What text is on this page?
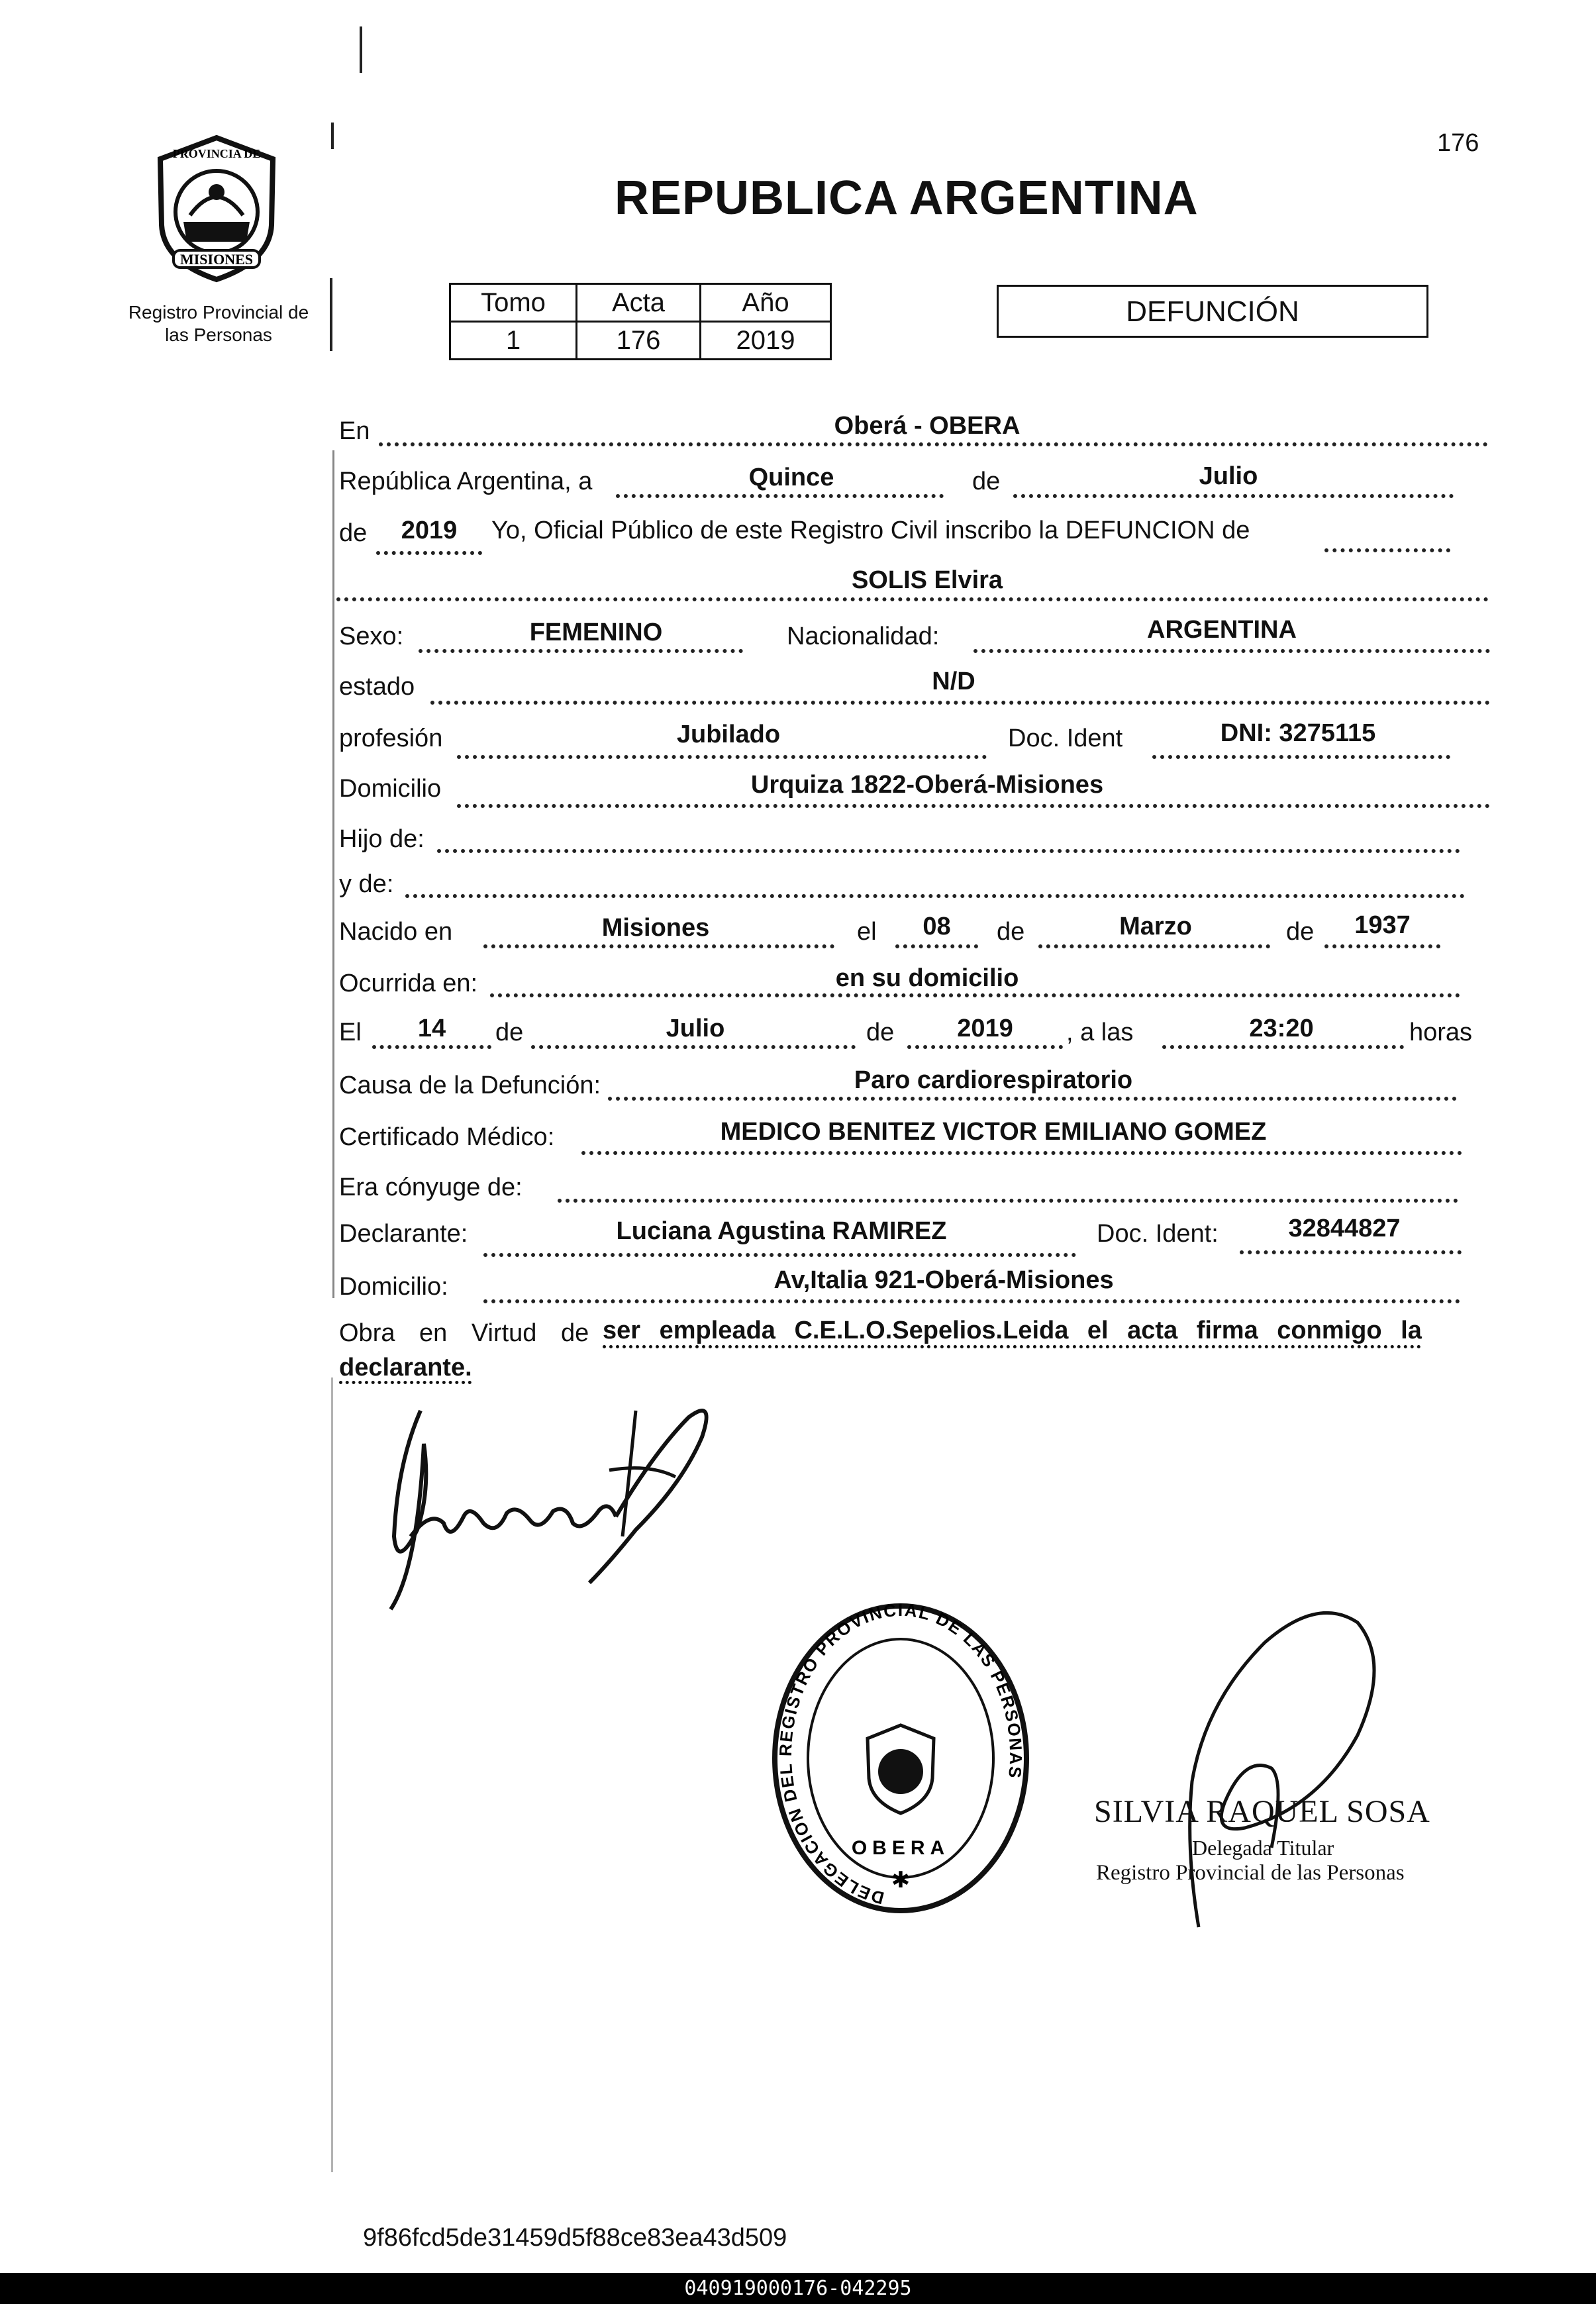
176
MISIONES
PROVINCIA DE
Registro Provincial de
las Personas
REPUBLICA ARGENTINA
Tomo	Acta	Año
1	176	2019
DEFUNCIÓN
En	Oberá - OBERA
República Argentina, a	Quince	de	Julio
de	2019	Yo, Oficial Público de este Registro Civil inscribo la DEFUNCION de
SOLIS Elvira
Sexo:	FEMENINO	Nacionalidad:	ARGENTINA
estado	N/D
profesión	Jubilado	Doc. Ident	DNI: 3275115
Domicilio	Urquiza 1822-Oberá-Misiones
Hijo de:
y de:
Nacido en	Misiones	el	08	de	Marzo	de	1937
Ocurrida en:	en su domicilio
El	14	de	Julio	de	2019	, a las	23:20	horas
Causa de la Defunción:	Paro cardiorespiratorio
Certificado Médico:	MEDICO BENITEZ VICTOR EMILIANO GOMEZ
Era cónyuge de:
Declarante:	Luciana Agustina RAMIREZ	Doc. Ident:	32844827
Domicilio:	Av,Italia 921-Oberá-Misiones
Obra en Virtud de ser empleada C.E.L.O.Sepelios.Leida el acta firma conmigo la
declarante.
DELEGACION DEL REGISTRO PROVINCIAL DE LAS PERSONAS
OBERA
✱
SILVIA RAQUEL SOSA
Delegada Titular
Registro Provincial de las Personas
9f86fcd5de31459d5f88ce83ea43d509
040919000176-042295
